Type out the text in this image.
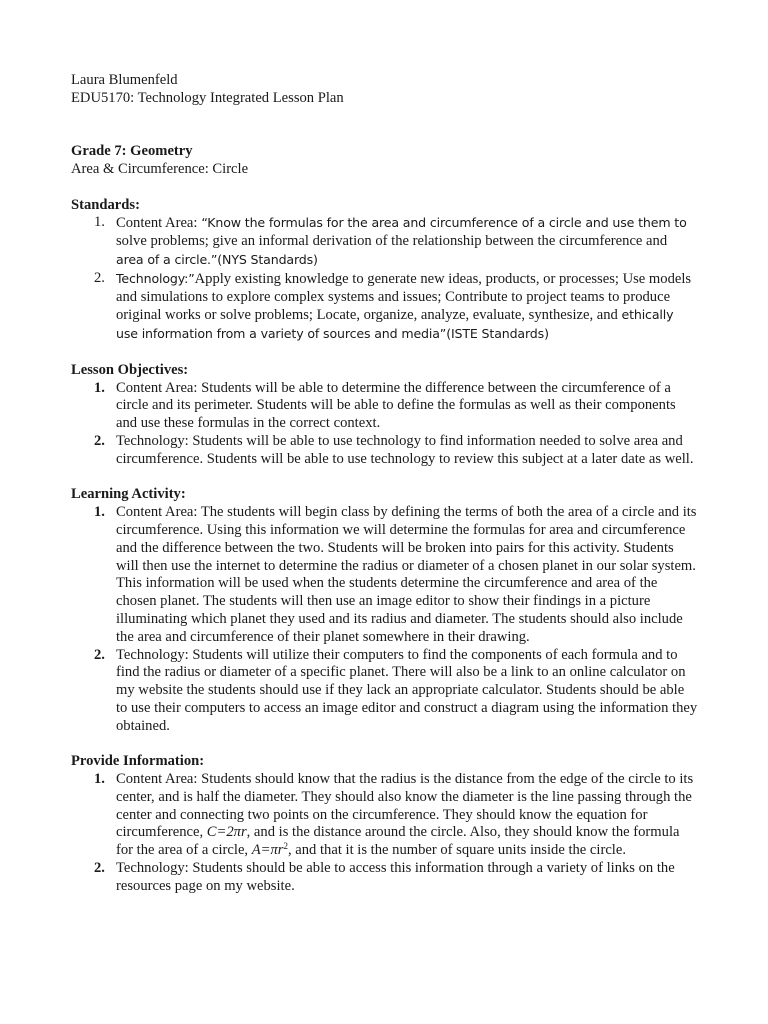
Laura Blumenfeld
EDU5170: Technology Integrated Lesson Plan
Grade 7: Geometry
Area & Circumference: Circle
Standards:
1. Content Area: “Know the formulas for the area and circumference of a circle and use them to solve problems; give an informal derivation of the relationship between the circumference and area of a circle.”(NYS Standards)
2. Technology:”Apply existing knowledge to generate new ideas, products, or processes; Use models and simulations to explore complex systems and issues; Contribute to project teams to produce original works or solve problems; Locate, organize, analyze, evaluate, synthesize, and ethically use information from a variety of sources and media”(ISTE Standards)
Lesson Objectives:
1. Content Area: Students will be able to determine the difference between the circumference of a circle and its perimeter. Students will be able to define the formulas as well as their components and use these formulas in the correct context.
2. Technology: Students will be able to use technology to find information needed to solve area and circumference. Students will be able to use technology to review this subject at a later date as well.
Learning Activity:
1. Content Area: The students will begin class by defining the terms of both the area of a circle and its circumference. Using this information we will determine the formulas for area and circumference and the difference between the two. Students will be broken into pairs for this activity. Students will then use the internet to determine the radius or diameter of a chosen planet in our solar system. This information will be used when the students determine the circumference and area of the chosen planet. The students will then use an image editor to show their findings in a picture illuminating which planet they used and its radius and diameter. The students should also include the area and circumference of their planet somewhere in their drawing.
2. Technology: Students will utilize their computers to find the components of each formula and to find the radius or diameter of a specific planet. There will also be a link to an online calculator on my website the students should use if they lack an appropriate calculator. Students should be able to use their computers to access an image editor and construct a diagram using the information they obtained.
Provide Information:
1. Content Area: Students should know that the radius is the distance from the edge of the circle to its center, and is half the diameter. They should also know the diameter is the line passing through the center and connecting two points on the circumference. They should know the equation for circumference, C=2πr, and is the distance around the circle. Also, they should know the formula for the area of a circle, $A=\pi r^2$, and that it is the number of square units inside the circle.
2. Technology: Students should be able to access this information through a variety of links on the resources page on my website.
